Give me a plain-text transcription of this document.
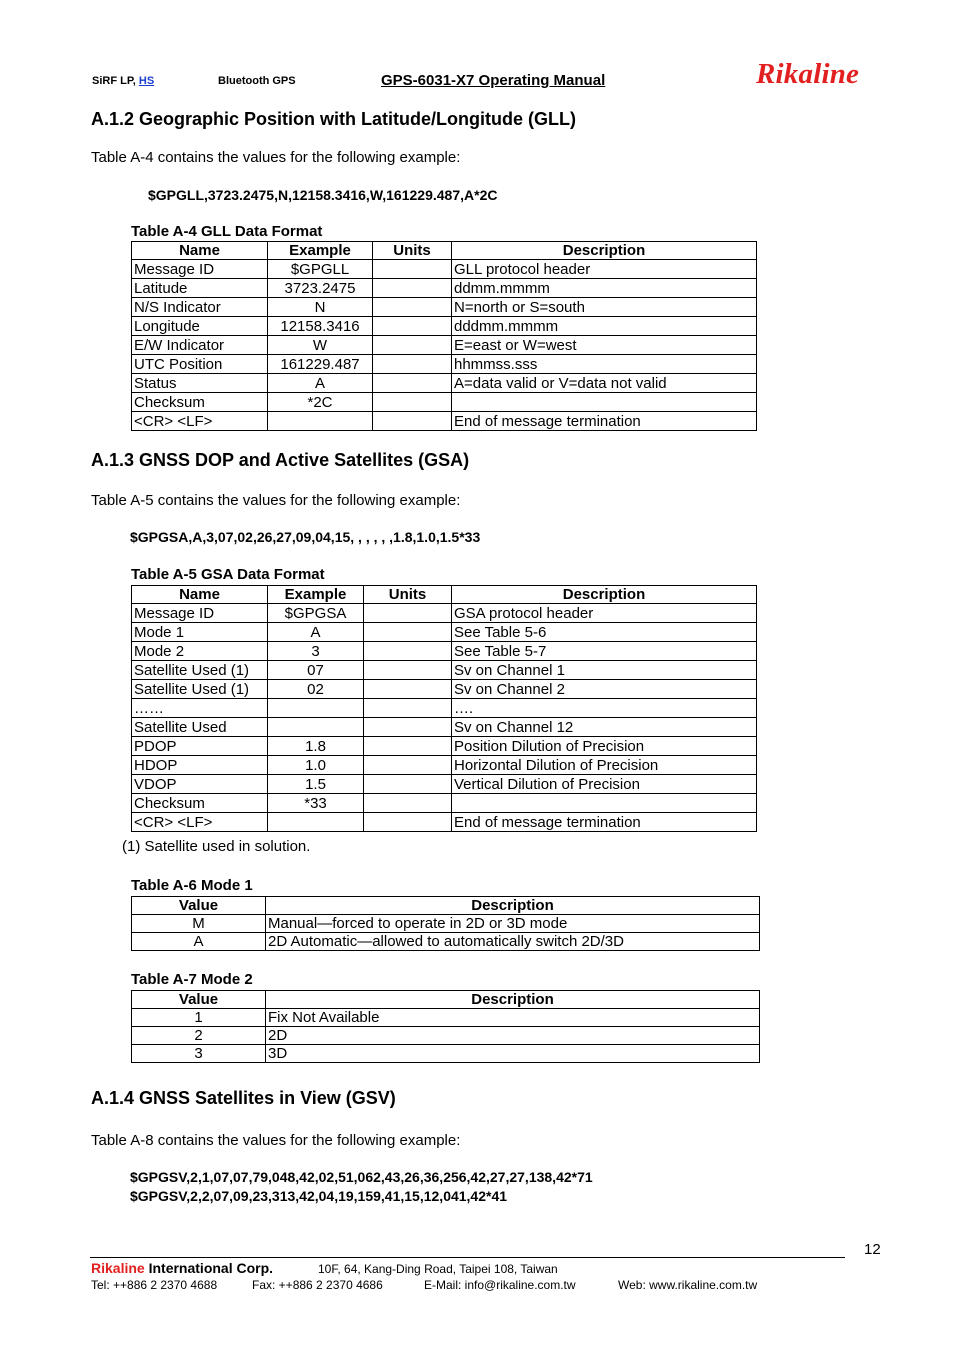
SiRF LP, HS	Bluetooth GPS	GPS-6031-X7 Operating Manual	Rikaline
A.1.2 Geographic Position with Latitude/Longitude (GLL)
Table A-4 contains the values for the following example:
$GPGLL,3723.2475,N,12158.3416,W,161229.487,A*2C
Table A-4 GLL Data Format
Name	Example	Units	Description
Message ID	$GPGLL		GLL protocol header
Latitude	3723.2475		ddmm.mmmm
N/S Indicator	N		N=north or S=south
Longitude	12158.3416		dddmm.mmmm
E/W Indicator	W		E=east or W=west
UTC Position	161229.487		hhmmss.sss
Status	A		A=data valid or V=data not valid
Checksum	*2C		
<CR> <LF>			End of message termination
A.1.3 GNSS DOP and Active Satellites (GSA)
Table A-5 contains the values for the following example:
$GPGSA,A,3,07,02,26,27,09,04,15, , , , , ,1.8,1.0,1.5*33
Table A-5 GSA Data Format
Name	Example	Units	Description
Message ID	$GPGSA		GSA protocol header
Mode 1	A		See Table 5-6
Mode 2	3		See Table 5-7
Satellite Used (1)	07		Sv on Channel 1
Satellite Used (1)	02		Sv on Channel 2
……			….
Satellite Used			Sv on Channel 12
PDOP	1.8		Position Dilution of Precision
HDOP	1.0		Horizontal Dilution of Precision
VDOP	1.5		Vertical Dilution of Precision
Checksum	*33		
<CR> <LF>			End of message termination
(1) Satellite used in solution.
Table A-6 Mode 1
Value	Description
M	Manual—forced to operate in 2D or 3D mode
A	2D Automatic—allowed to automatically switch 2D/3D
Table A-7 Mode 2
Value	Description
1	Fix Not Available
2	2D
3	3D
A.1.4 GNSS Satellites in View (GSV)
Table A-8 contains the values for the following example:
$GPGSV,2,1,07,07,79,048,42,02,51,062,43,26,36,256,42,27,27,138,42*71
$GPGSV,2,2,07,09,23,313,42,04,19,159,41,15,12,041,42*41
12
Rikaline International Corp.	10F, 64, Kang-Ding Road, Taipei 108, Taiwan
Tel: ++886 2 2370 4688	Fax: ++886 2 2370 4686	E-Mail: info@rikaline.com.tw	Web: www.rikaline.com.tw
